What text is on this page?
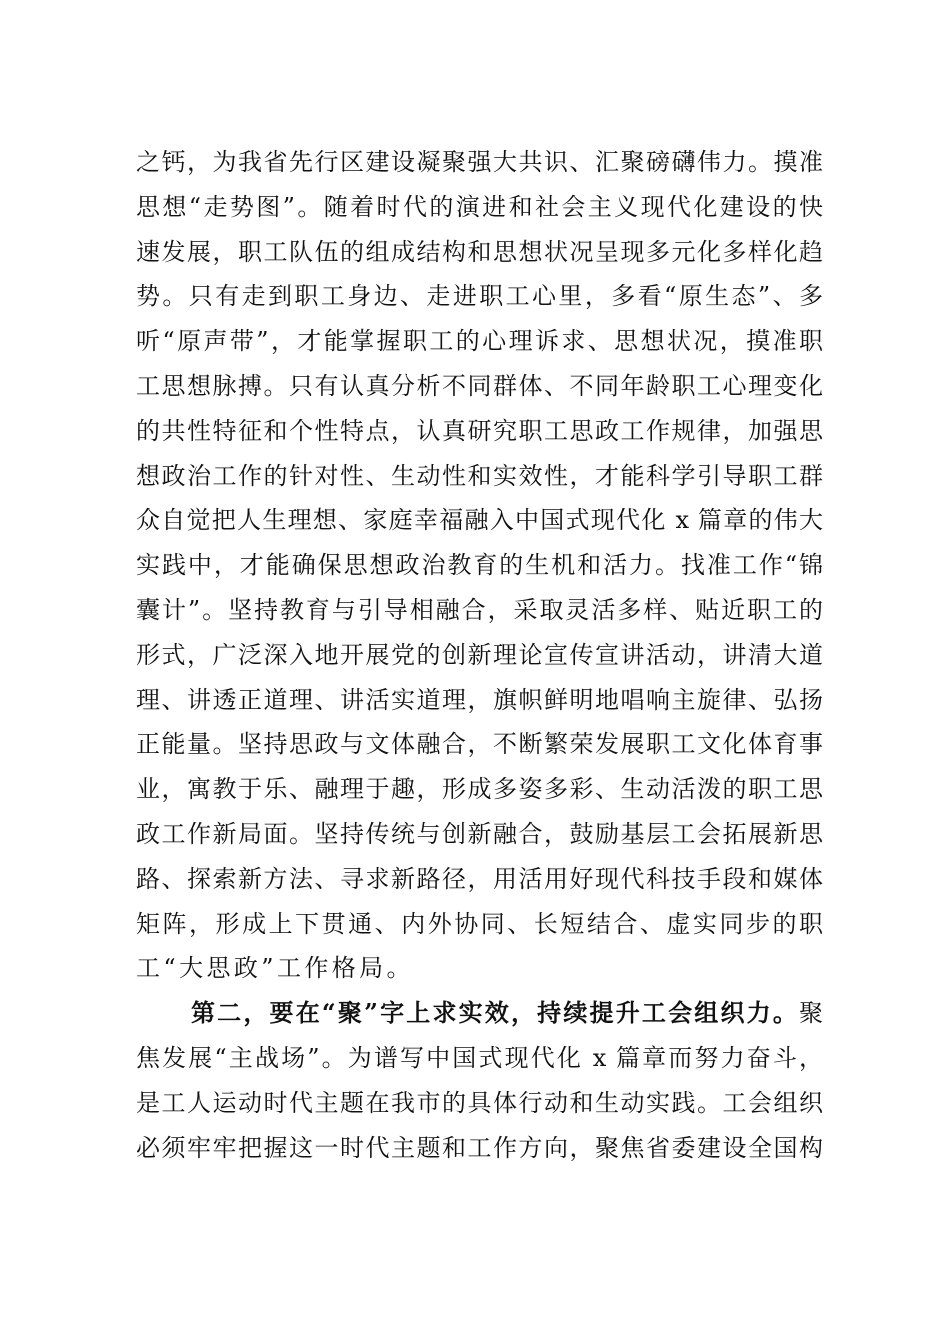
之钙，为我省先行区建设凝聚强大共识、汇聚磅礴伟力。摸准
思想“走势图”。随着时代的演进和社会主义现代化建设的快
速发展，职工队伍的组成结构和思想状况呈现多元化多样化趋
势。只有走到职工身边、走进职工心里，多看“原生态”、多
听“原声带”，才能掌握职工的心理诉求、思想状况，摸准职
工思想脉搏。只有认真分析不同群体、不同年龄职工心理变化
的共性特征和个性特点，认真研究职工思政工作规律，加强思
想政治工作的针对性、生动性和实效性，才能科学引导职工群
众自觉把人生理想、家庭幸福融入中国式现代化 x 篇章的伟大
实践中，才能确保思想政治教育的生机和活力。找准工作“锦
囊计”。坚持教育与引导相融合，采取灵活多样、贴近职工的
形式，广泛深入地开展党的创新理论宣传宣讲活动，讲清大道
理、讲透正道理、讲活实道理，旗帜鲜明地唱响主旋律、弘扬
正能量。坚持思政与文体融合，不断繁荣发展职工文化体育事
业，寓教于乐、融理于趣，形成多姿多彩、生动活泼的职工思
政工作新局面。坚持传统与创新融合，鼓励基层工会拓展新思
路、探索新方法、寻求新路径，用活用好现代科技手段和媒体
矩阵，形成上下贯通、内外协同、长短结合、虚实同步的职
工“大思政”工作格局。
第二，要在“聚”字上求实效，持续提升工会组织力。聚
焦发展“主战场”。为谱写中国式现代化 x 篇章而努力奋斗，
是工人运动时代主题在我市的具体行动和生动实践。工会组织
必须牢牢把握这一时代主题和工作方向，聚焦省委建设全国构
